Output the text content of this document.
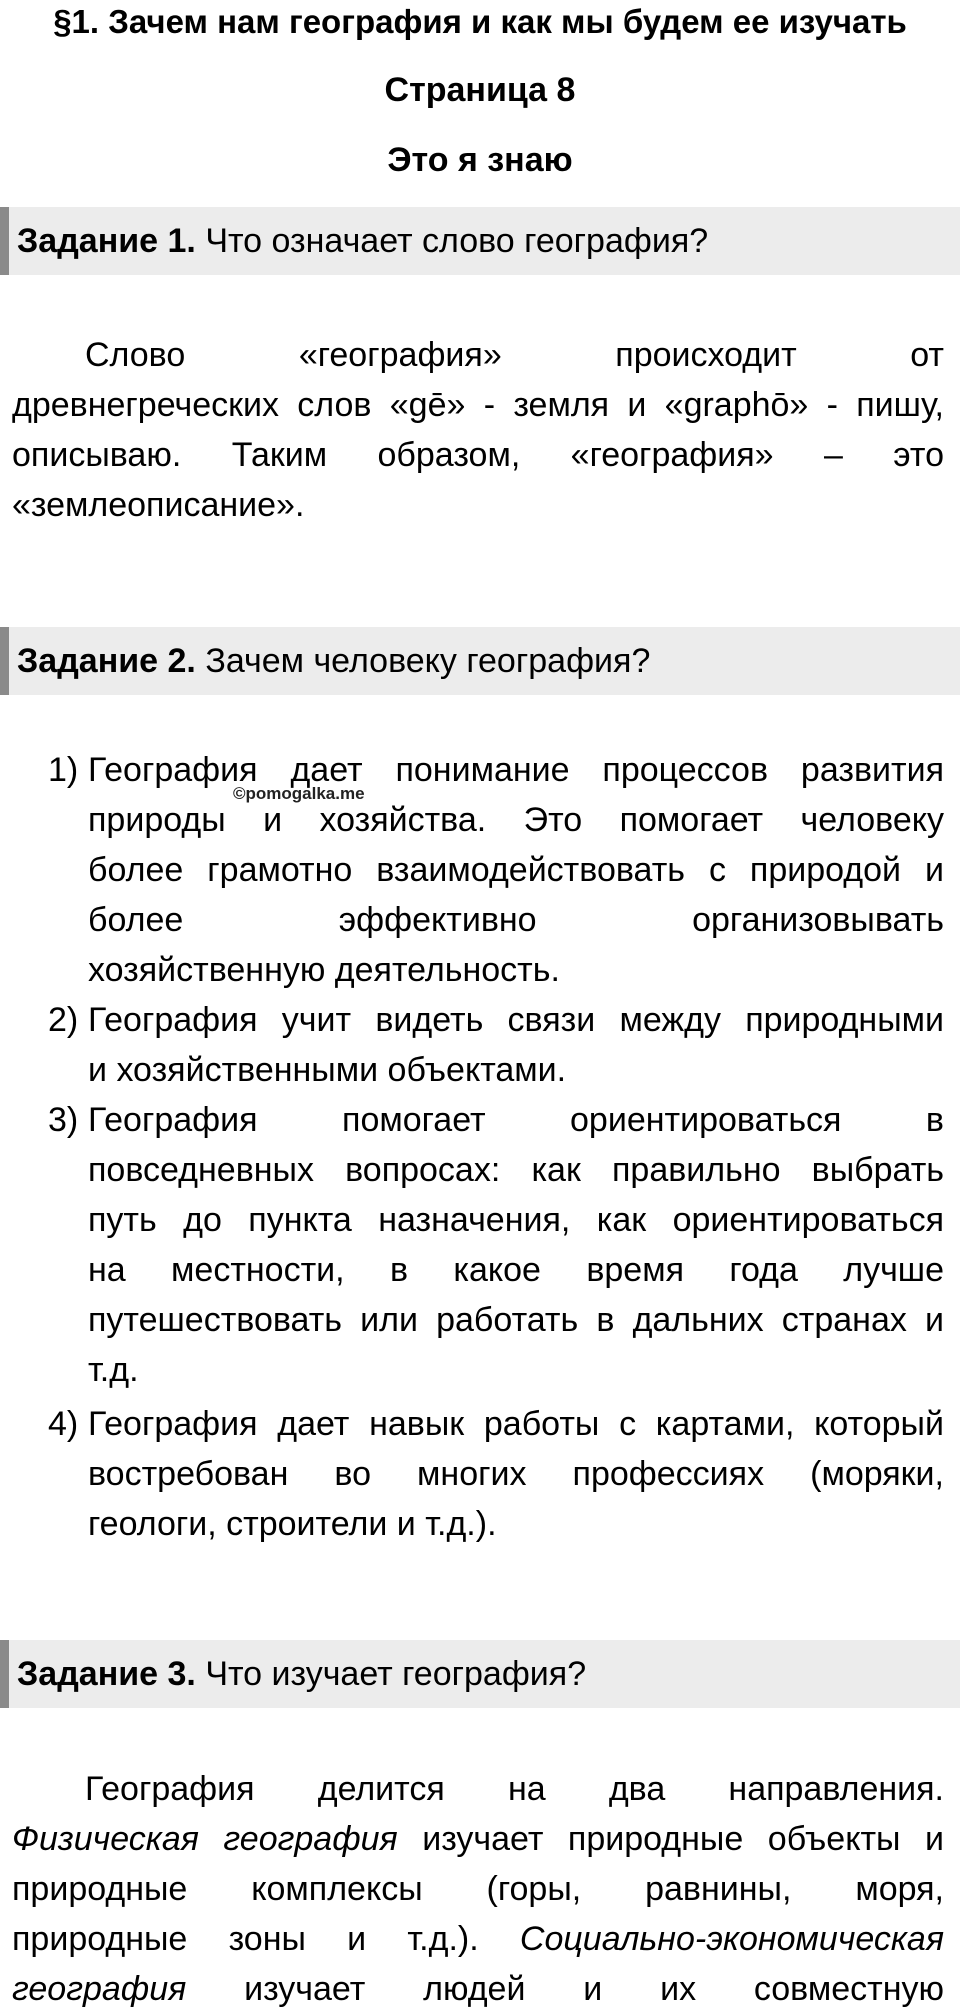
§1. Зачем нам география и как мы будем ее изучать
Страница 8
Это я знаю
Задание 1. Что означает слово география?
Слово «география» происходит от
древнегреческих слов «gē» - земля и «graphō» - пишу,
описываю. Таким образом, «география» – это
«землеописание».
Задание 2. Зачем человеку география?
©pomogalka.me
1) География дает понимание процессов развития
природы и хозяйства. Это помогает человеку
более грамотно взаимодействовать с природой и
более эффективно организовывать
хозяйственную деятельность.
2) География учит видеть связи между природными
и хозяйственными объектами.
3) География помогает ориентироваться в
повседневных вопросах: как правильно выбрать
путь до пункта назначения, как ориентироваться
на местности, в какое время года лучше
путешествовать или работать в дальних странах и
т.д.
4) География дает навык работы с картами, который
востребован во многих профессиях (моряки,
геологи, строители и т.д.).
Задание 3. Что изучает география?
География делится на два направления.
Физическая география изучает природные объекты и
природные комплексы (горы, равнины, моря,
природные зоны и т.д.). Социально-экономическая
география изучает людей и их совместную
